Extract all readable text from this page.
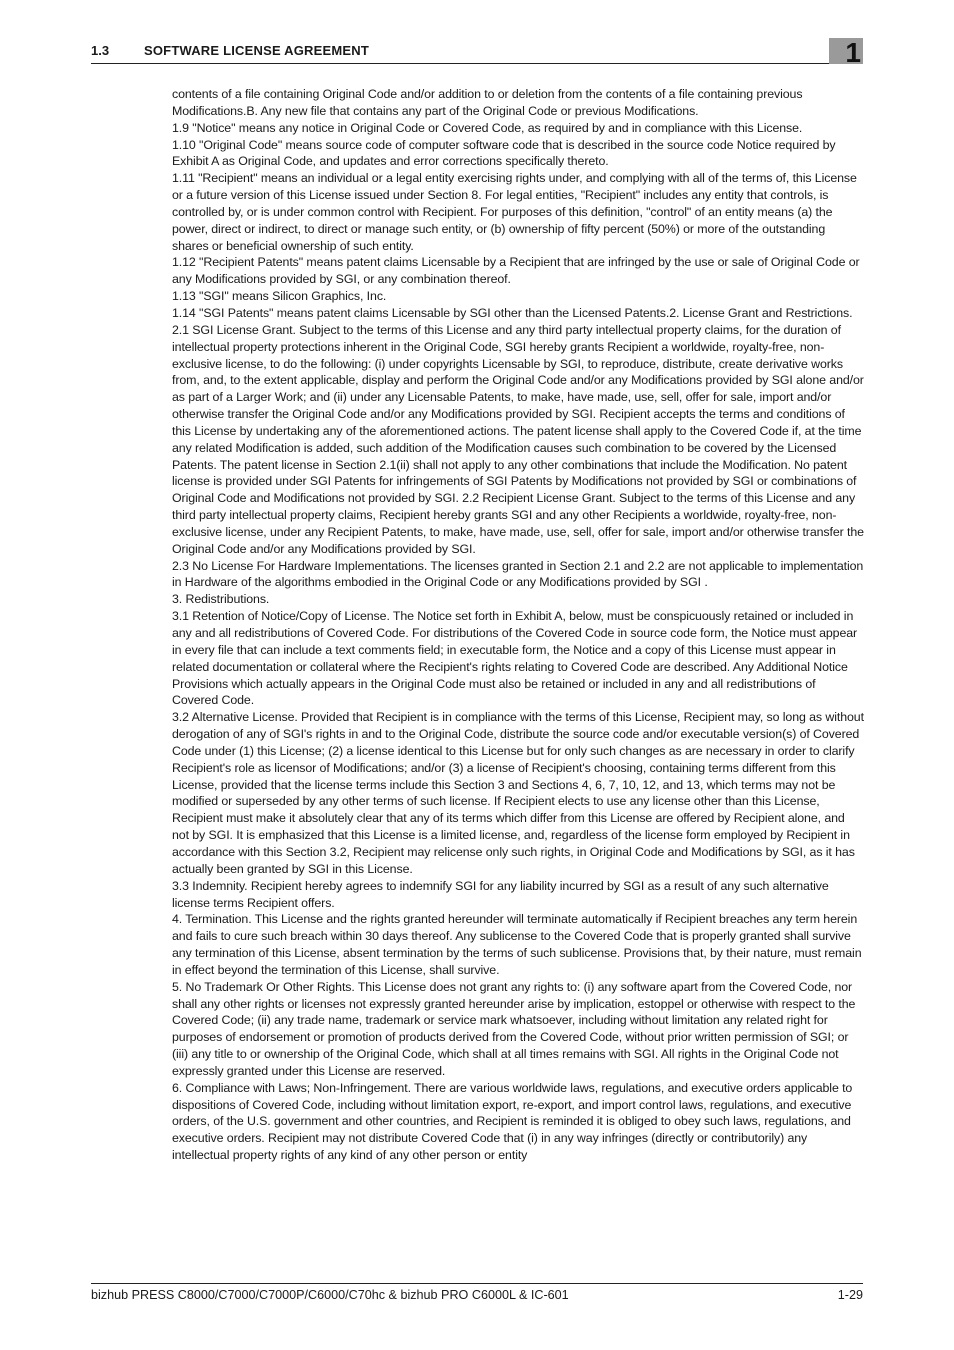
1.3	SOFTWARE LICENSE AGREEMENT	1

contents of a file containing Original Code and/or addition to or deletion from the contents of a file containing previous Modifications.B. Any new file that contains any part of the Original Code or previous Modifications.

1.9 "Notice" means any notice in Original Code or Covered Code, as required by and in compliance with this License.

1.10 "Original Code" means source code of computer software code that is described in the source code Notice required by Exhibit A as Original Code, and updates and error corrections specifically thereto.

1.11 "Recipient" means an individual or a legal entity exercising rights under, and complying with all of the terms of, this License or a future version of this License issued under Section 8. For legal entities, "Recipient" includes any entity that controls, is controlled by, or is under common control with Recipient. For purposes of this definition, "control" of an entity means (a) the power, direct or indirect, to direct or manage such entity, or (b) ownership of fifty percent (50%) or more of the outstanding shares or beneficial ownership of such entity.

1.12 "Recipient Patents" means patent claims Licensable by a Recipient that are infringed by the use or sale of Original Code or any Modifications provided by SGI, or any combination thereof.

1.13 "SGI" means Silicon Graphics, Inc.

1.14 "SGI Patents" means patent claims Licensable by SGI other than the Licensed Patents.2. License Grant and Restrictions.

2.1 SGI License Grant. Subject to the terms of this License and any third party intellectual property claims, for the duration of intellectual property protections inherent in the Original Code, SGI hereby grants Recipient a worldwide, royalty-free, non-exclusive license, to do the following: (i) under copyrights Licensable by SGI, to reproduce, distribute, create derivative works from, and, to the extent applicable, display and perform the Original Code and/or any Modifications provided by SGI alone and/or as part of a Larger Work; and (ii) under any Licensable Patents, to make, have made, use, sell, offer for sale, import and/or otherwise transfer the Original Code and/or any Modifications provided by SGI. Recipient accepts the terms and conditions of this License by undertaking any of the aforementioned actions. The patent license shall apply to the Covered Code if, at the time any related Modification is added, such addition of the Modification causes such combination to be covered by the Licensed Patents. The patent license in Section 2.1(ii) shall not apply to any other combinations that include the Modification. No patent license is provided under SGI Patents for infringements of SGI Patents by Modifications not provided by SGI or combinations of Original Code and Modifications not provided by SGI. 2.2 Recipient License Grant. Subject to the terms of this License and any third party intellectual property claims, Recipient hereby grants SGI and any other Recipients a worldwide, royalty-free, non-exclusive license, under any Recipient Patents, to make, have made, use, sell, offer for sale, import and/or otherwise transfer the Original Code and/or any Modifications provided by SGI.

2.3 No License For Hardware Implementations. The licenses granted in Section 2.1 and 2.2 are not applicable to implementation in Hardware of the algorithms embodied in the Original Code or any Modifications provided by SGI .

3. Redistributions.

3.1 Retention of Notice/Copy of License. The Notice set forth in Exhibit A, below, must be conspicuously retained or included in any and all redistributions of Covered Code. For distributions of the Covered Code in source code form, the Notice must appear in every file that can include a text comments field; in executable form, the Notice and a copy of this License must appear in related documentation or collateral where the Recipient's rights relating to Covered Code are described. Any Additional Notice Provisions which actually appears in the Original Code must also be retained or included in any and all redistributions of Covered Code.

3.2 Alternative License. Provided that Recipient is in compliance with the terms of this License, Recipient may, so long as without derogation of any of SGI's rights in and to the Original Code, distribute the source code and/or executable version(s) of Covered Code under (1) this License; (2) a license identical to this License but for only such changes as are necessary in order to clarify Recipient's role as licensor of Modifications; and/or (3) a license of Recipient's choosing, containing terms different from this License, provided that the license terms include this Section 3 and Sections 4, 6, 7, 10, 12, and 13, which terms may not be modified or superseded by any other terms of such license. If Recipient elects to use any license other than this License, Recipient must make it absolutely clear that any of its terms which differ from this License are offered by Recipient alone, and not by SGI. It is emphasized that this License is a limited license, and, regardless of the license form employed by Recipient in accordance with this Section 3.2, Recipient may relicense only such rights, in Original Code and Modifications by SGI, as it has actually been granted by SGI in this License.

3.3 Indemnity. Recipient hereby agrees to indemnify SGI for any liability incurred by SGI as a result of any such alternative license terms Recipient offers.

4. Termination. This License and the rights granted hereunder will terminate automatically if Recipient breaches any term herein and fails to cure such breach within 30 days thereof. Any sublicense to the Covered Code that is properly granted shall survive any termination of this License, absent termination by the terms of such sublicense. Provisions that, by their nature, must remain in effect beyond the termination of this License, shall survive.

5. No Trademark Or Other Rights. This License does not grant any rights to: (i) any software apart from the Covered Code, nor shall any other rights or licenses not expressly granted hereunder arise by implication, estoppel or otherwise with respect to the Covered Code; (ii) any trade name, trademark or service mark whatsoever, including without limitation any related right for purposes of endorsement or promotion of products derived from the Covered Code, without prior written permission of SGI; or (iii) any title to or ownership of the Original Code, which shall at all times remains with SGI. All rights in the Original Code not expressly granted under this License are reserved.

6. Compliance with Laws; Non-Infringement. There are various worldwide laws, regulations, and executive orders applicable to dispositions of Covered Code, including without limitation export, re-export, and import control laws, regulations, and executive orders, of the U.S. government and other countries, and Recipient is reminded it is obliged to obey such laws, regulations, and executive orders. Recipient may not distribute Covered Code that (i) in any way infringes (directly or contributorily) any intellectual property rights of any kind of any other person or entity

bizhub PRESS C8000/C7000/C7000P/C6000/C70hc & bizhub PRO C6000L & IC-601	1-29
